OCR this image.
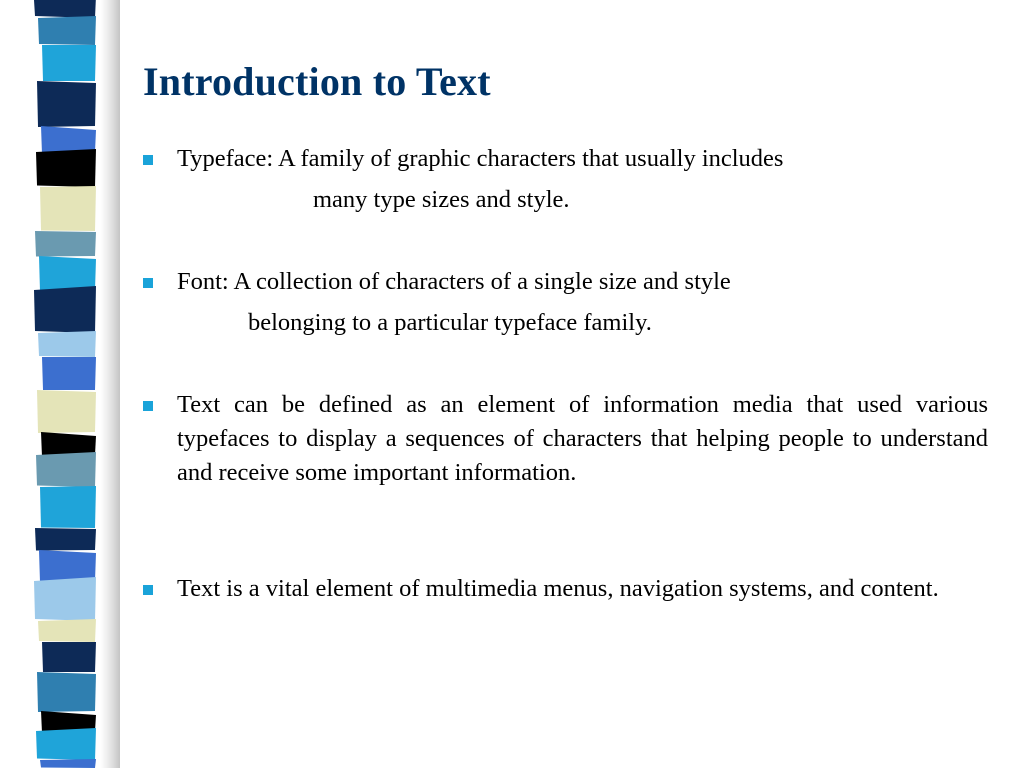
Introduction to Text
Typeface: A family of graphic characters that usually includes
many type sizes and style.
Font: A collection of characters of a single size and style
belonging to a particular typeface family.
Text can be defined as an element of information media that used various typefaces to display a sequences of characters that helping people to understand and receive some important information.
Text is a vital element of multimedia menus, navigation systems, and content.
